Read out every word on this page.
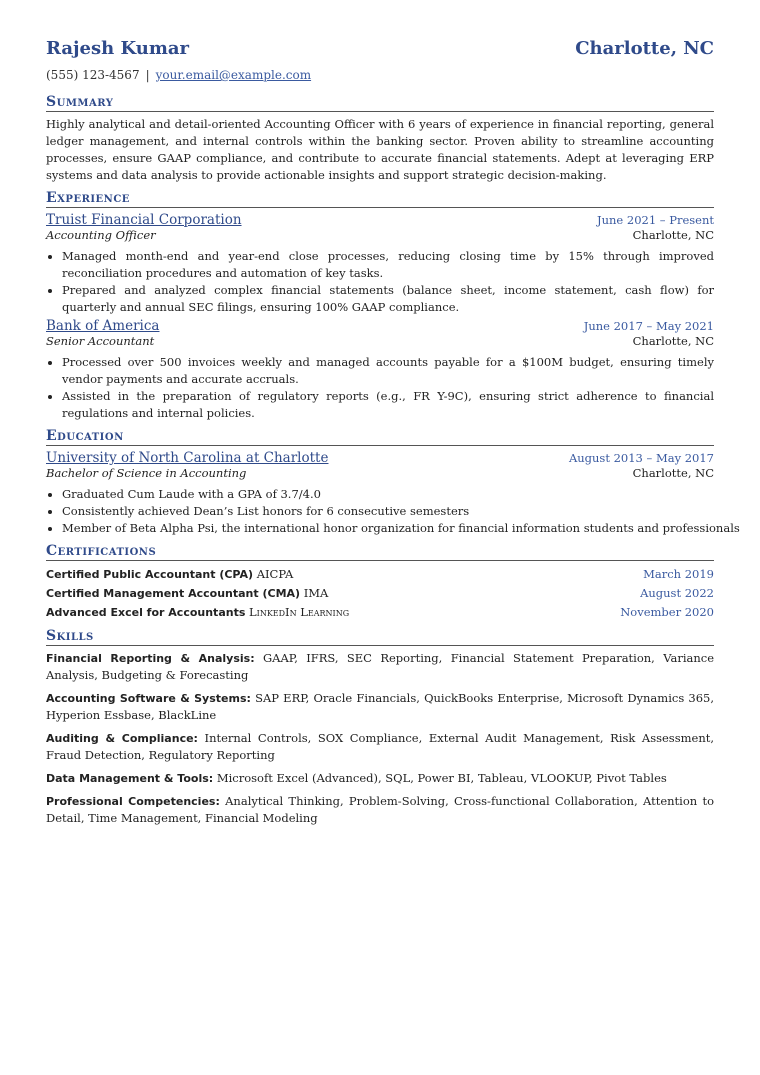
Rajesh Kumar	Charlotte, NC
(555) 123-4567 | your.email@example.com
Summary
Highly analytical and detail-oriented Accounting Officer with 6 years of experience in financial reporting, general ledger management, and internal controls within the banking sector. Proven ability to streamline accounting processes, ensure GAAP compliance, and contribute to accurate financial statements. Adept at leveraging ERP systems and data analysis to provide actionable insights and support strategic decision-making.
Experience
Truist Financial Corporation	June 2021 – Present
Accounting Officer	Charlotte, NC
• Managed month-end and year-end close processes, reducing closing time by 15% through improved reconciliation procedures and automation of key tasks.
• Prepared and analyzed complex financial statements (balance sheet, income statement, cash flow) for quarterly and annual SEC filings, ensuring 100% GAAP compliance.
Bank of America	June 2017 – May 2021
Senior Accountant	Charlotte, NC
• Processed over 500 invoices weekly and managed accounts payable for a $100M budget, ensuring timely vendor payments and accurate accruals.
• Assisted in the preparation of regulatory reports (e.g., FR Y-9C), ensuring strict adherence to financial regulations and internal policies.
Education
University of North Carolina at Charlotte	August 2013 – May 2017
Bachelor of Science in Accounting	Charlotte, NC
• Graduated Cum Laude with a GPA of 3.7/4.0
• Consistently achieved Dean’s List honors for 6 consecutive semesters
• Member of Beta Alpha Psi, the international honor organization for financial information students and professionals
Certifications
Certified Public Accountant (CPA) AICPA	March 2019
Certified Management Accountant (CMA) IMA	August 2022
Advanced Excel for Accountants LinkedIn Learning	November 2020
Skills
Financial Reporting & Analysis: GAAP, IFRS, SEC Reporting, Financial Statement Preparation, Variance Analysis, Budgeting & Forecasting
Accounting Software & Systems: SAP ERP, Oracle Financials, QuickBooks Enterprise, Microsoft Dynamics 365, Hyperion Essbase, BlackLine
Auditing & Compliance: Internal Controls, SOX Compliance, External Audit Management, Risk Assessment, Fraud Detection, Regulatory Reporting
Data Management & Tools: Microsoft Excel (Advanced), SQL, Power BI, Tableau, VLOOKUP, Pivot Tables
Professional Competencies: Analytical Thinking, Problem-Solving, Cross-functional Collaboration, Attention to Detail, Time Management, Financial Modeling
